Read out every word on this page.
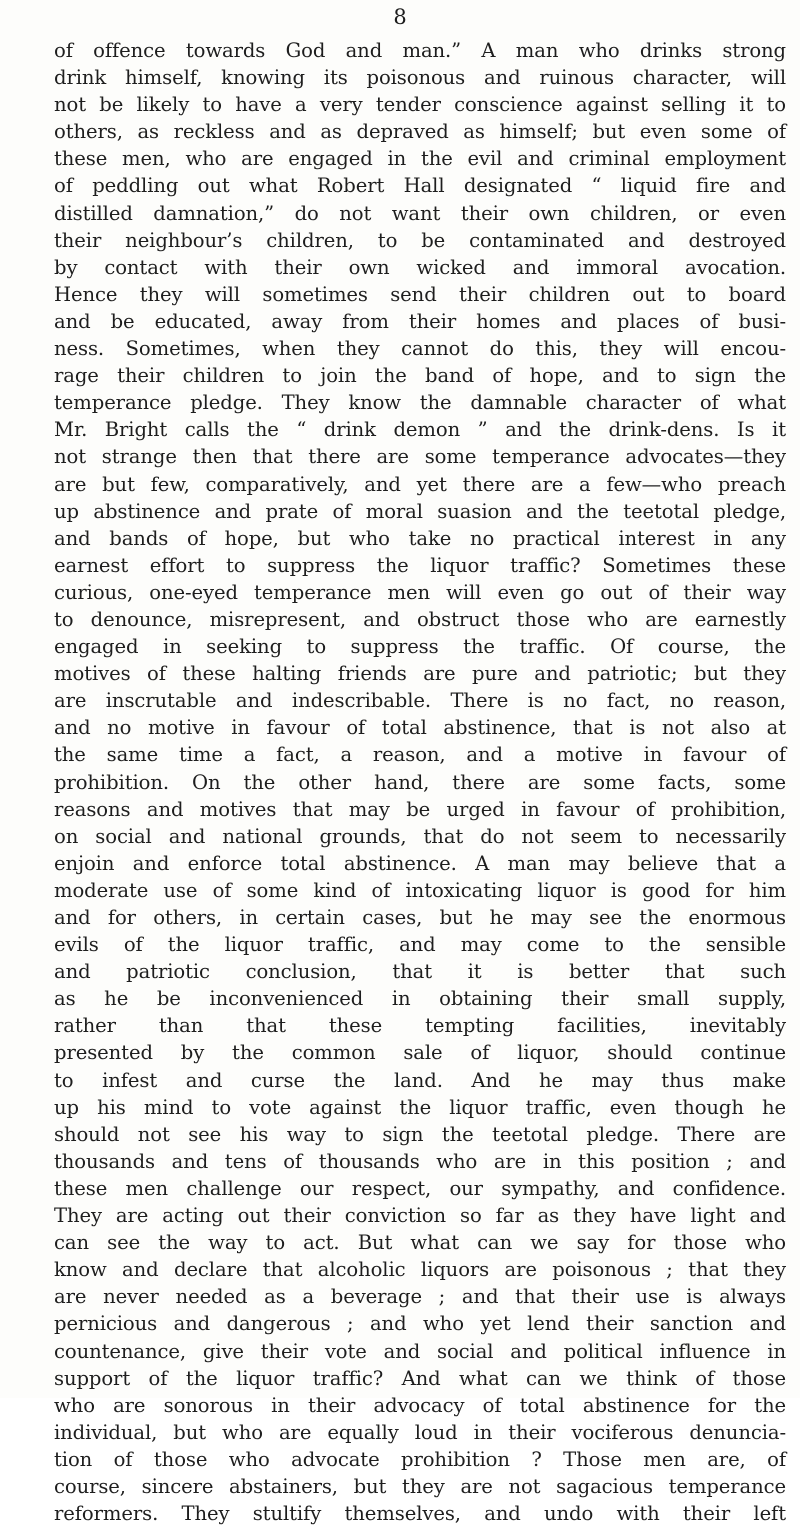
8
of offence towards God and man.” A man who drinks strong
drink himself, knowing its poisonous and ruinous character, will
not be likely to have a very tender conscience against selling it to
others, as reckless and as depraved as himself; but even some of
these men, who are engaged in the evil and criminal employment
of peddling out what Robert Hall designated “ liquid fire and
distilled damnation,” do not want their own children, or even
their neighbour’s children, to be contaminated and destroyed
by contact with their own wicked and immoral avocation.
Hence they will sometimes send their children out to board
and be educated, away from their homes and places of busi-
ness. Sometimes, when they cannot do this, they will encou-
rage their children to join the band of hope, and to sign the
temperance pledge. They know the damnable character of what
Mr. Bright calls the “ drink demon ” and the drink-dens. Is it
not strange then that there are some temperance advocates—they
are but few, comparatively, and yet there are a few—who preach
up abstinence and prate of moral suasion and the teetotal pledge,
and bands of hope, but who take no practical interest in any
earnest effort to suppress the liquor traffic? Sometimes these
curious, one-eyed temperance men will even go out of their way
to denounce, misrepresent, and obstruct those who are earnestly
engaged in seeking to suppress the traffic. Of course, the
motives of these halting friends are pure and patriotic; but they
are inscrutable and indescribable. There is no fact, no reason,
and no motive in favour of total abstinence, that is not also at
the same time a fact, a reason, and a motive in favour of
prohibition. On the other hand, there are some facts, some
reasons and motives that may be urged in favour of prohibition,
on social and national grounds, that do not seem to necessarily
enjoin and enforce total abstinence. A man may believe that a
moderate use of some kind of intoxicating liquor is good for him
and for others, in certain cases, but he may see the enormous
evils of the liquor traffic, and may come to the sensible
and patriotic conclusion, that it is better that such
as he be inconvenienced in obtaining their small supply,
rather than that these tempting facilities, inevitably
presented by the common sale of liquor, should continue
to infest and curse the land. And he may thus make
up his mind to vote against the liquor traffic, even though he
should not see his way to sign the teetotal pledge. There are
thousands and tens of thousands who are in this position ; and
these men challenge our respect, our sympathy, and confidence.
They are acting out their conviction so far as they have light and
can see the way to act. But what can we say for those who
know and declare that alcoholic liquors are poisonous ; that they
are never needed as a beverage ; and that their use is always
pernicious and dangerous ; and who yet lend their sanction and
countenance, give their vote and social and political influence in
support of the liquor traffic? And what can we think of those
who are sonorous in their advocacy of total abstinence for the
individual, but who are equally loud in their vociferous denuncia-
tion of those who advocate prohibition ? Those men are, of
course, sincere abstainers, but they are not sagacious temperance
reformers. They stultify themselves, and undo with their left
